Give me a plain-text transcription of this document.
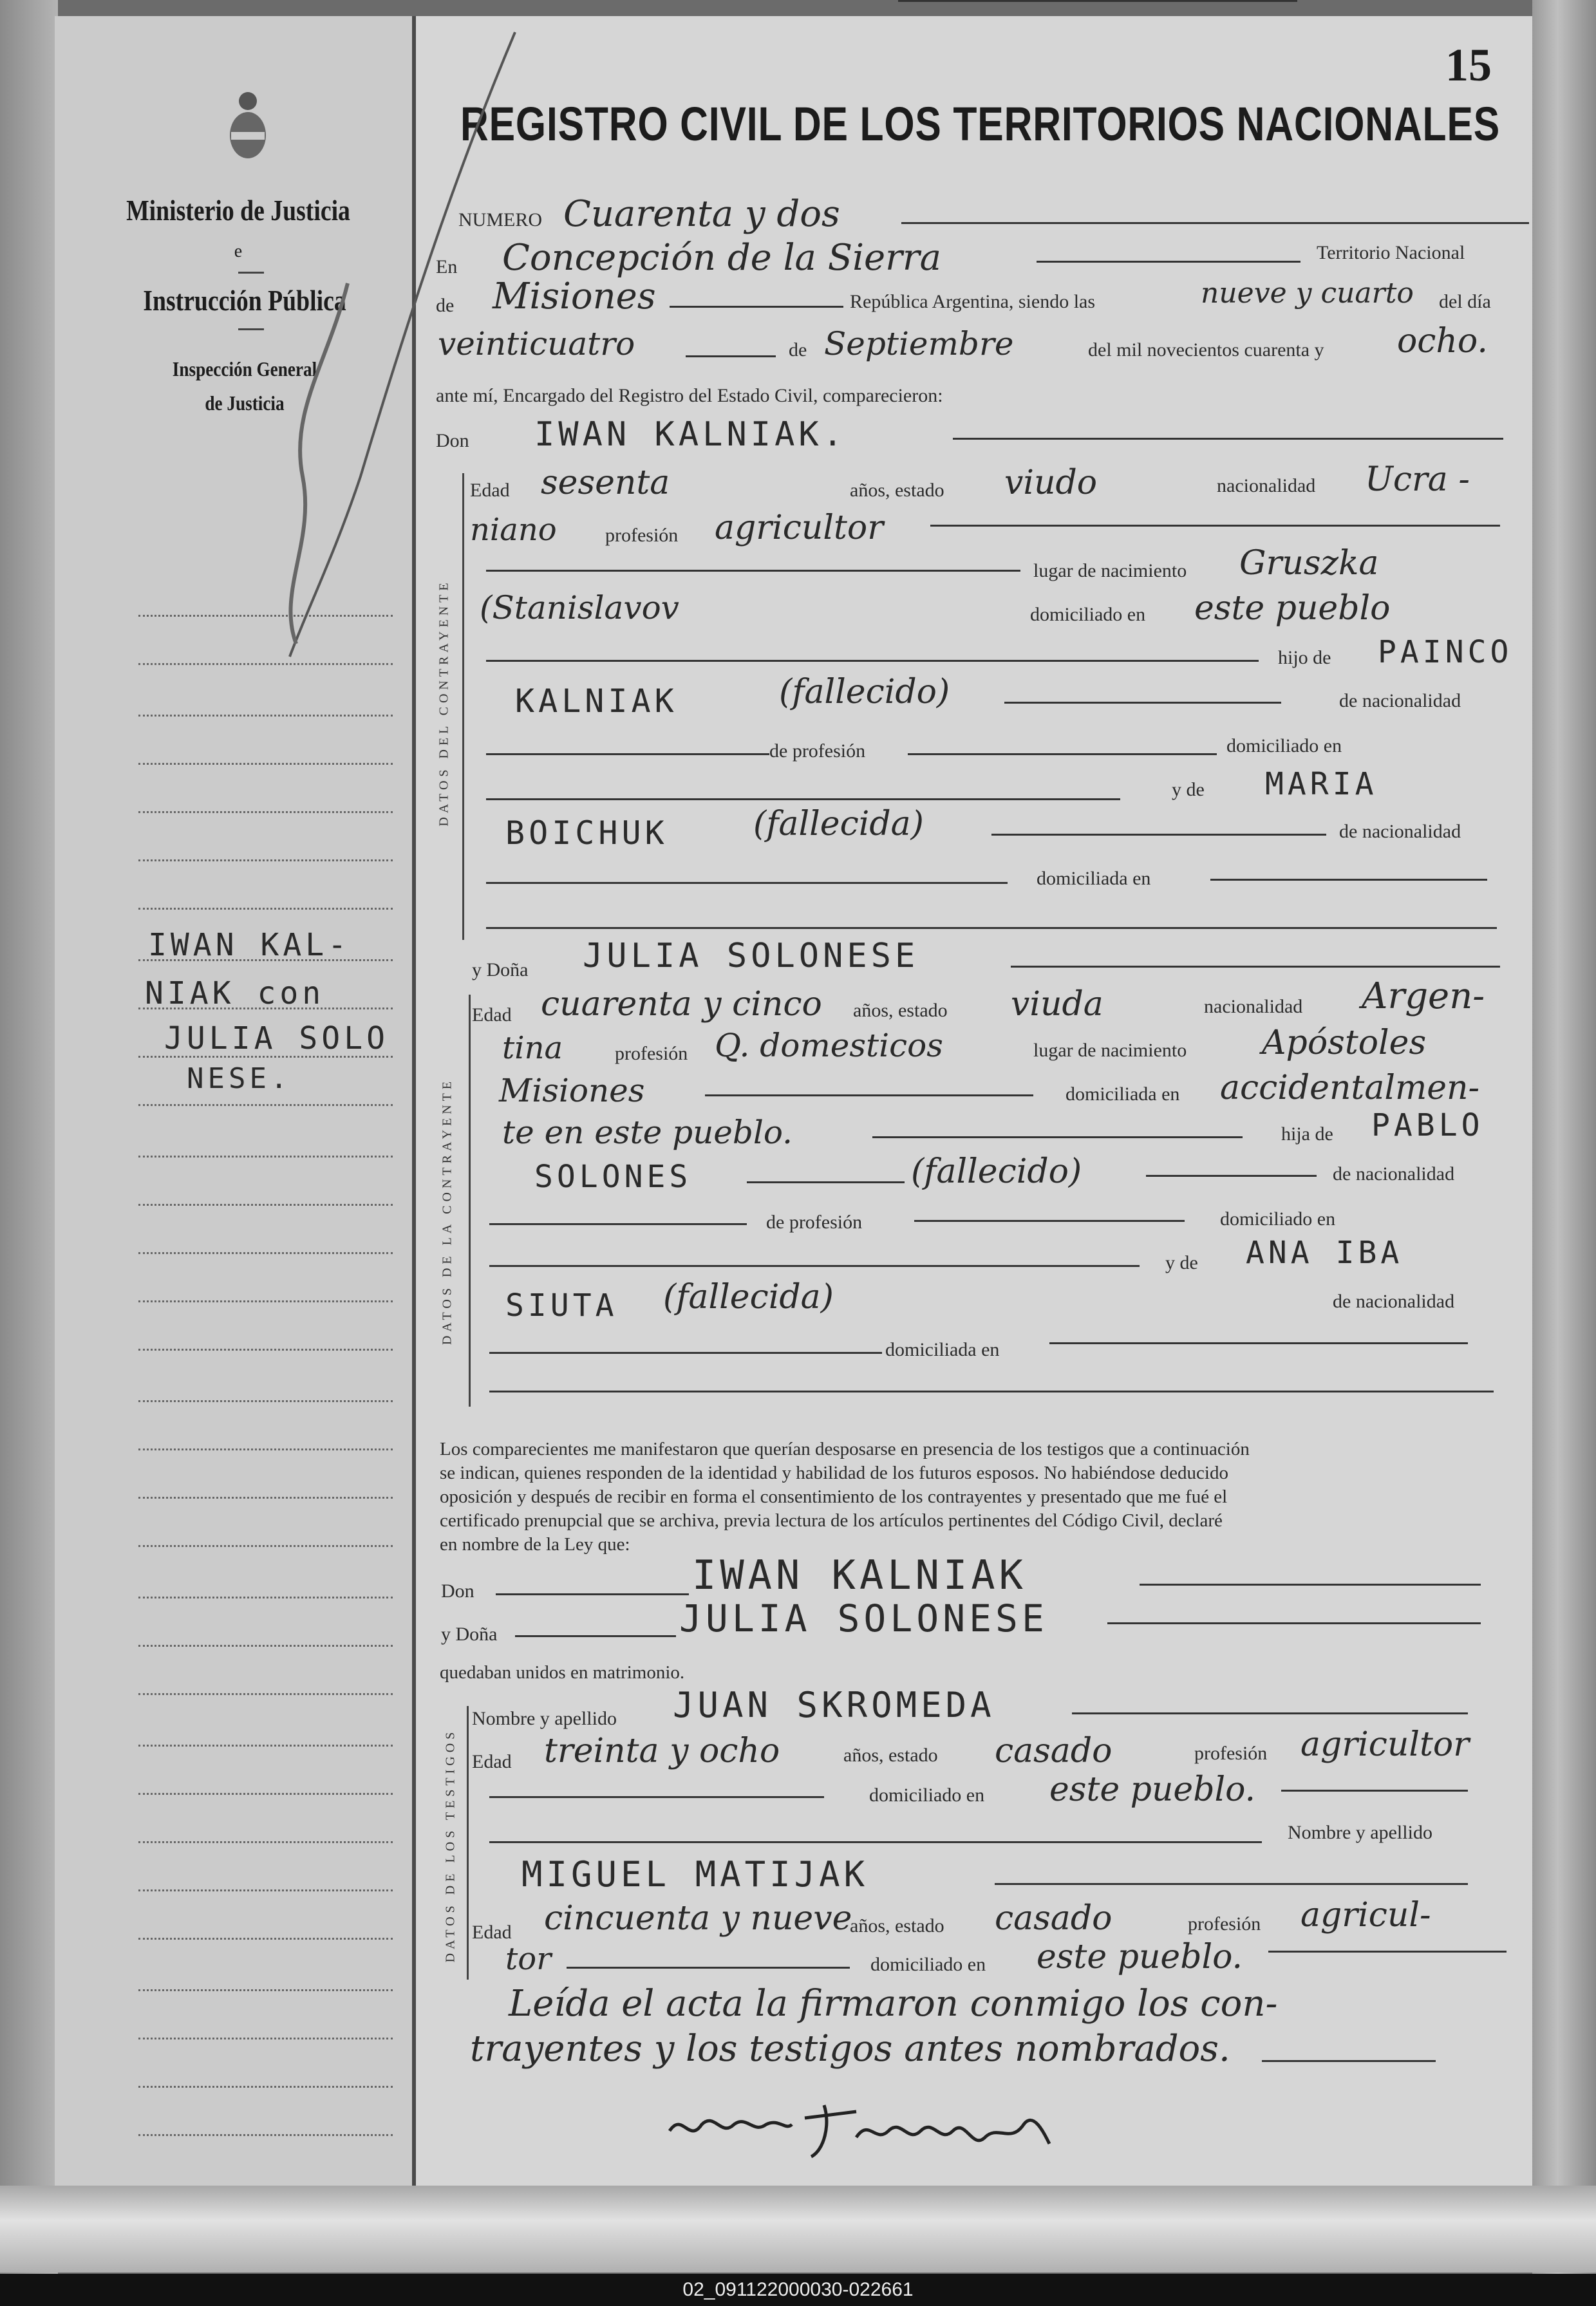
15
REGISTRO CIVIL DE LOS TERRITORIOS NACIONALES
Ministerio de Justicia
e
Instrucción Pública
Inspección General
de Justicia
IWAN KAL-
NIAK con
JULIA SOLO
NESE.
NUMERO Cuarenta y dos
En Concepción de la Sierra	Territorio Nacional
de Misiones	República Argentina, siendo las	nueve y cuarto del día
veinticuatro	de Septiembre	del mil novecientos cuarenta y ocho.
ante mí, Encargado del Registro del Estado Civil, comparecieron:
Don IWAN KALNIAK.
DATOS DEL CONTRAYENTE
Edad sesenta	años, estado viudo	nacionalidad Ucra -
niano	profesión agricultor
lugar de nacimiento Gruszka
(Stanislavov	domiciliado en este pueblo
hijo de PAINCO
KALNIAK	(fallecido)	de nacionalidad
de profesión	domiciliado en
y de MARIA
BOICHUK	(fallecida)	de nacionalidad
domiciliada en
y Doña JULIA SOLONESE
DATOS DE LA CONTRAYENTE
Edad cuarenta y cinco años, estado viuda	nacionalidad Argen-
tina	profesión Q. domesticos	lugar de nacimiento Apóstoles
Misiones	domiciliada en accidentalmen-
te en este pueblo.	hija de PABLO
SOLONES	(fallecido)	de nacionalidad
de profesión	domiciliado en
y de ANA IBA
SIUTA (fallecida)	de nacionalidad
domiciliada en
Los comparecientes me manifestaron que querían desposarse en presencia de los testigos que a continuación
se indican, quienes responden de la identidad y habilidad de los futuros esposos. No habiéndose deducido
oposición y después de recibir en forma el consentimiento de los contrayentes y presentado que me fué el
certificado prenupcial que se archiva, previa lectura de los artículos pertinentes del Código Civil, declaré
en nombre de la Ley que:
Don	IWAN KALNIAK
y Doña	JULIA SOLONESE
quedaban unidos en matrimonio.
DATOS DE LOS TESTIGOS
Nombre y apellido JUAN SKROMEDA
Edad treinta y ocho	años, estado casado	profesión agricultor
domiciliado en este pueblo.
Nombre y apellido
MIGUEL MATIJAK
Edad cincuenta y nueve
años, estado casado	profesión agricul-
tor	domiciliado en este pueblo.
Leída el acta la firmaron conmigo los con-
trayentes y los testigos antes nombrados.
02_091122000030-022661
